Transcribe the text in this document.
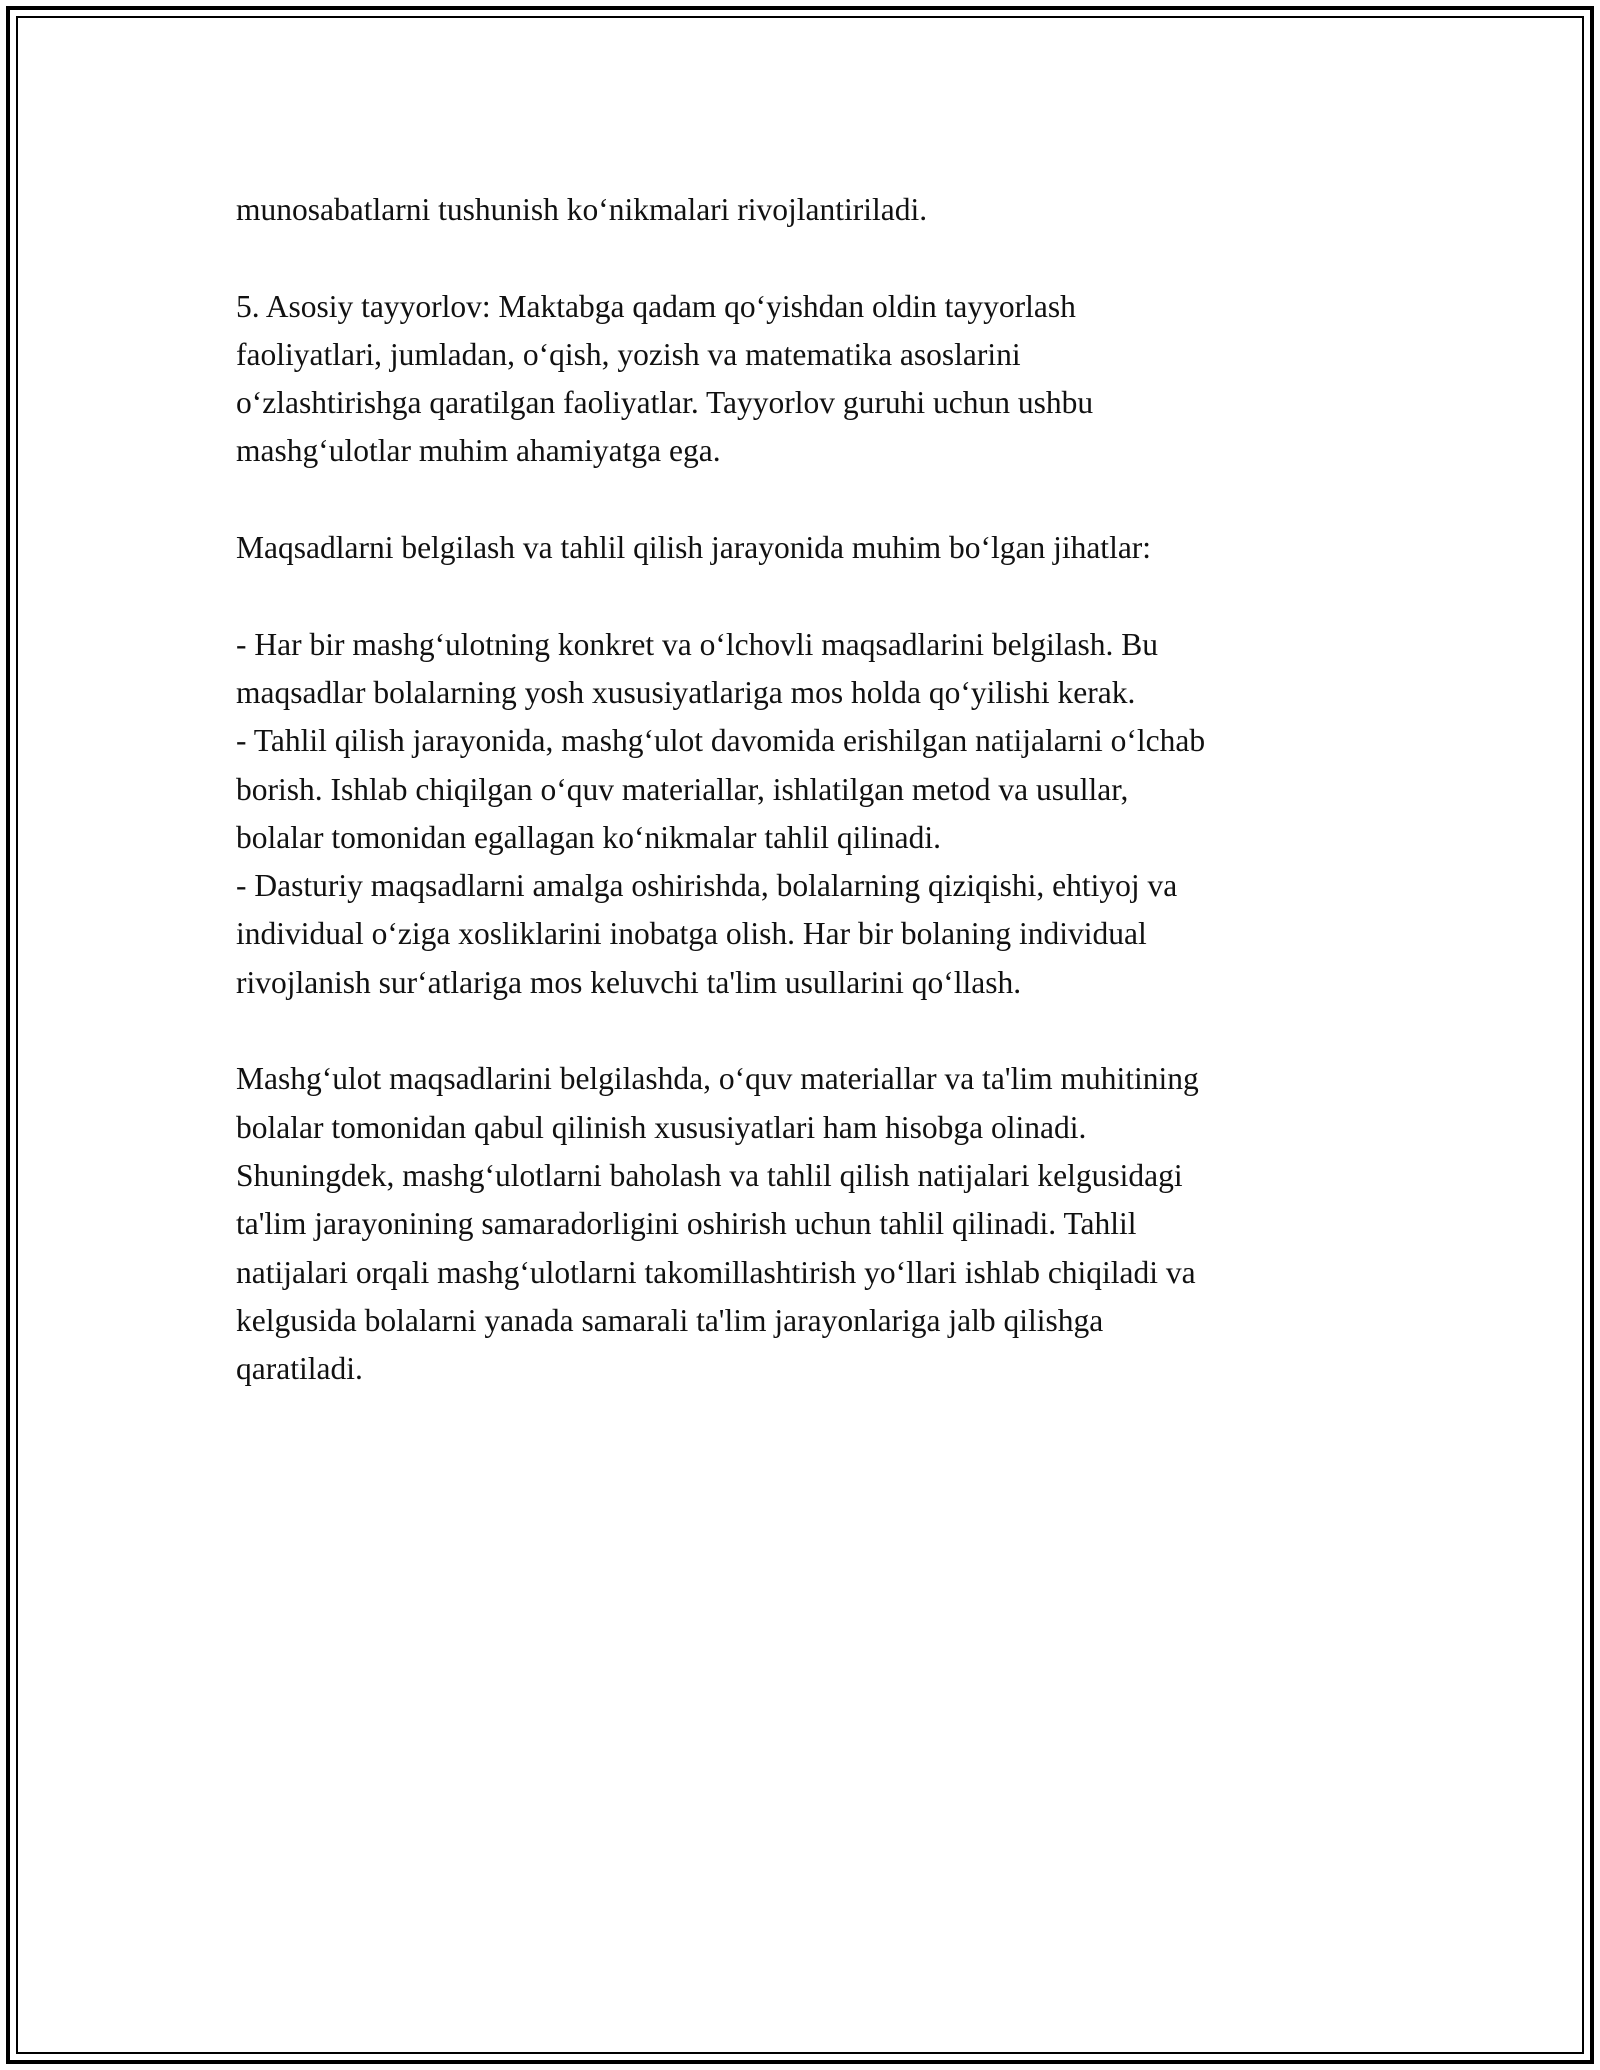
munosabatlarni tushunish ko‘nikmalari rivojlantiriladi.
5. Asosiy tayyorlov: Maktabga qadam qo‘yishdan oldin tayyorlash
faoliyatlari, jumladan, o‘qish, yozish va matematika asoslarini
o‘zlashtirishga qaratilgan faoliyatlar. Tayyorlov guruhi uchun ushbu
mashg‘ulotlar muhim ahamiyatga ega.
Maqsadlarni belgilash va tahlil qilish jarayonida muhim bo‘lgan jihatlar:
- Har bir mashg‘ulotning konkret va o‘lchovli maqsadlarini belgilash. Bu
maqsadlar bolalarning yosh xususiyatlariga mos holda qo‘yilishi kerak.
- Tahlil qilish jarayonida, mashg‘ulot davomida erishilgan natijalarni o‘lchab
borish. Ishlab chiqilgan o‘quv materiallar, ishlatilgan metod va usullar,
bolalar tomonidan egallagan ko‘nikmalar tahlil qilinadi.
- Dasturiy maqsadlarni amalga oshirishda, bolalarning qiziqishi, ehtiyoj va
individual o‘ziga xosliklarini inobatga olish. Har bir bolaning individual
rivojlanish sur‘atlariga mos keluvchi ta'lim usullarini qo‘llash.
Mashg‘ulot maqsadlarini belgilashda, o‘quv materiallar va ta'lim muhitining
bolalar tomonidan qabul qilinish xususiyatlari ham hisobga olinadi.
Shuningdek, mashg‘ulotlarni baholash va tahlil qilish natijalari kelgusidagi
ta'lim jarayonining samaradorligini oshirish uchun tahlil qilinadi. Tahlil
natijalari orqali mashg‘ulotlarni takomillashtirish yo‘llari ishlab chiqiladi va
kelgusida bolalarni yanada samarali ta'lim jarayonlariga jalb qilishga
qaratiladi.
